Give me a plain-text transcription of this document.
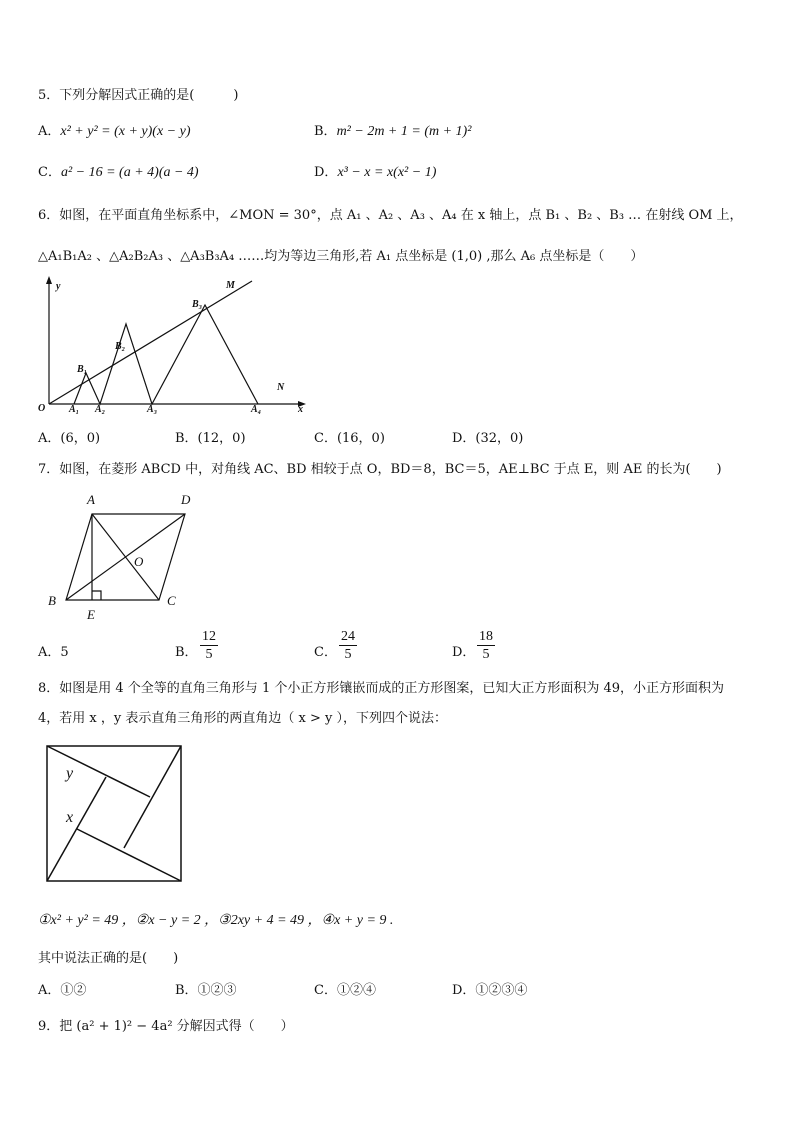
5．下列分解因式正确的是(　　　)
A．x² + y² = (x + y)(x − y)	B．m² − 2m + 1 = (m + 1)²
C．a² − 16 = (a + 4)(a − 4)	D．x³ − x = x(x² − 1)
6．如图，在平面直角坐标系中，∠MON = 30°，点 A₁ 、A₂ 、A₃ 、A₄ 在 x 轴上，点 B₁ 、B₂ 、B₃ … 在射线 OM 上，
△A₁B₁A₂ 、△A₂B₂A₃ 、△A₃B₃A₄ ……均为等边三角形,若 A₁ 点坐标是 (1,0) ,那么 A₆ 点坐标是（　　）
y
x
O
M
N
B₁
B₂
B₃
A₁ A₂	A₃	A₄
A．(6，0)	B．(12，0)	C．(16，0)	D．(32，0)
7．如图，在菱形 ABCD 中，对角线 AC、BD 相较于点 O，BD＝8，BC＝5，AE⊥BC 于点 E，则 AE 的长为(　　)
A	D
B	C
E
O
A．5	B． $\frac{12}{5}$	C． $\frac{24}{5}$	D． $\frac{18}{5}$
8．如图是用 4 个全等的直角三角形与 1 个小正方形镶嵌而成的正方形图案，已知大正方形面积为 49，小正方形面积为
4，若用 x ，y 表示直角三角形的两直角边（ x > y ），下列四个说法：
y
x
①x² + y² = 49 ，②x − y = 2 ，③2xy + 4 = 49 ，④x + y = 9 .
其中说法正确的是(　　)
A．①②	B．①②③	C．①②④	D．①②③④
9．把 (a² + 1)² − 4a² 分解因式得（　　）
